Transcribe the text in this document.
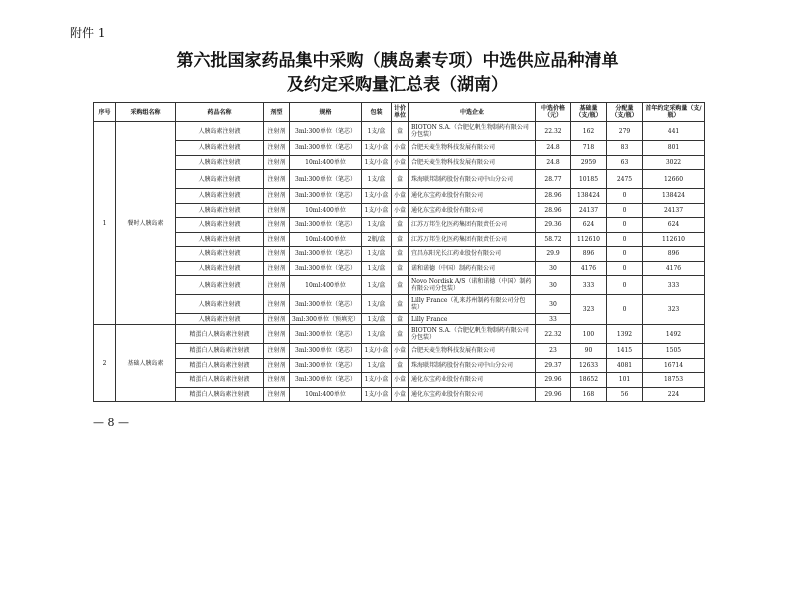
附件 1
第六批国家药品集中采购（胰岛素专项）中选供应品种清单
及约定采购量汇总表（湖南）
序号	采购组名称	药品名称	剂型	规格	包装	计价单位	中选企业	中选价格（元）	基础量（支/瓶）	分配量（支/瓶）	首年约定采购量（支/瓶）
1	餐时人胰岛素	人胰岛素注射液	注射剂	3ml:300单位（笔芯）	1支/盒	盒	BIOTON S.A.（合肥亿帆生物制药有限公司分包装）	22.32	162	279	441
		人胰岛素注射液	注射剂	3ml:300单位（笔芯）	1支/小盒	小盒	合肥天麦生物科技发展有限公司	24.8	718	83	801
		人胰岛素注射液	注射剂	10ml:400单位	1支/小盒	小盒	合肥天麦生物科技发展有限公司	24.8	2959	63	3022
		人胰岛素注射液	注射剂	3ml:300单位（笔芯）	1支/盒	盒	珠海联邦制药股份有限公司中山分公司	28.77	10185	2475	12660
		人胰岛素注射液	注射剂	3ml:300单位（笔芯）	1支/小盒	小盒	通化东宝药业股份有限公司	28.96	138424	0	138424
		人胰岛素注射液	注射剂	10ml:400单位	1支/小盒	小盒	通化东宝药业股份有限公司	28.96	24137	0	24137
		人胰岛素注射液	注射剂	3ml:300单位（笔芯）	1支/盒	盒	江苏万邦生化医药集团有限责任公司	29.36	624	0	624
		人胰岛素注射液	注射剂	10ml:400单位	2瓶/盒	盒	江苏万邦生化医药集团有限责任公司	58.72	112610	0	112610
		人胰岛素注射液	注射剂	3ml:300单位（笔芯）	1支/盒	盒	宜昌东阳光长江药业股份有限公司	29.9	896	0	896
		人胰岛素注射液	注射剂	3ml:300单位（笔芯）	1支/盒	盒	诺和诺德（中国）制药有限公司	30	4176	0	4176
		人胰岛素注射液	注射剂	10ml:400单位	1支/盒	盒	Novo Nordisk A/S（诺和诺德（中国）制药有限公司分包装）	30	333	0	333
		人胰岛素注射液	注射剂	3ml:300单位（笔芯）	1支/盒	盒	Lilly France（礼来苏州制药有限公司分包装）	30	323	0	323
		人胰岛素注射液	注射剂	3ml:300单位（预填充）	1支/盒	盒	Lilly France	33			
2	基础人胰岛素	精蛋白人胰岛素注射液	注射剂	3ml:300单位（笔芯）	1支/盒	盒	BIOTON S.A.（合肥亿帆生物制药有限公司分包装）	22.32	100	1392	1492
		精蛋白人胰岛素注射液	注射剂	3ml:300单位（笔芯）	1支/小盒	小盒	合肥天麦生物科技发展有限公司	23	90	1415	1505
		精蛋白人胰岛素注射液	注射剂	3ml:300单位（笔芯）	1支/盒	盒	珠海联邦制药股份有限公司中山分公司	29.37	12633	4081	16714
		精蛋白人胰岛素注射液	注射剂	3ml:300单位（笔芯）	1支/小盒	小盒	通化东宝药业股份有限公司	29.96	18652	101	18753
		精蛋白人胰岛素注射液	注射剂	10ml:400单位	1支/小盒	小盒	通化东宝药业股份有限公司	29.96	168	56	224
— 8 —
